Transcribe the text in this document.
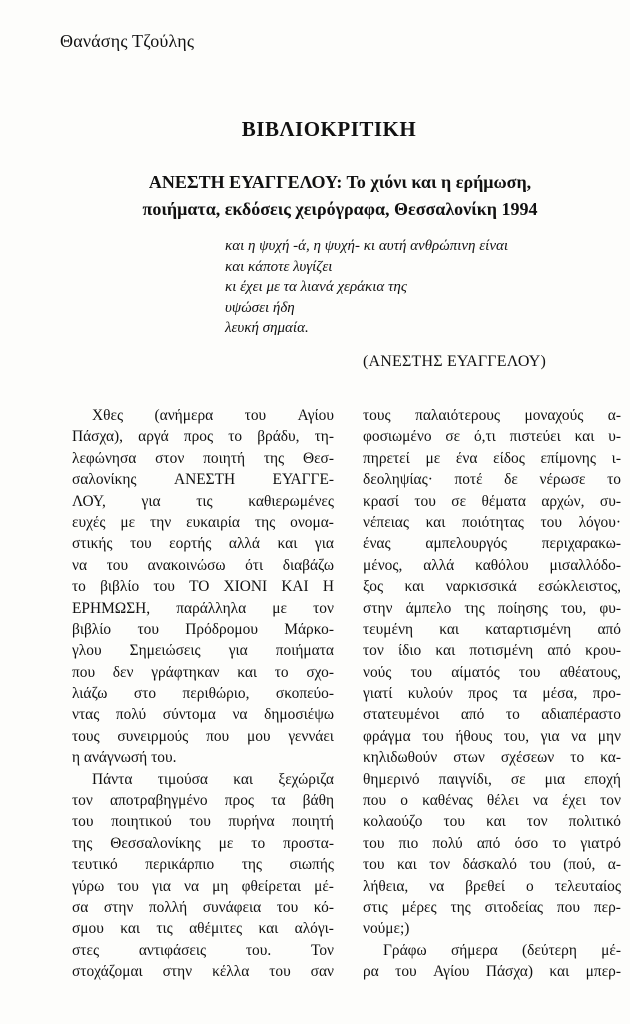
Θανάσης Τζούλης
ΒΙΒΛΙΟΚΡΙΤΙΚΗ
ΑΝΕΣΤΗ ΕΥΑΓΓΕΛΟΥ: Το χιόνι και η ερήμωση,
ποιήματα, εκδόσεις χειρόγραφα, Θεσσαλονίκη 1994
και η ψυχή -ά, η ψυχή- κι αυτή ανθρώπινη είναι
και κάποτε λυγίζει
κι έχει με τα λιανά χεράκια της
υψώσει ήδη
λευκή σημαία.
(ΑΝΕΣΤΗΣ ΕΥΑΓΓΕΛΟΥ)
Χθες (ανήμερα του Αγίου
Πάσχα), αργά προς το βράδυ, τη-
λεφώνησα στον ποιητή της Θεσ-
σαλονίκης ΑΝΕΣΤΗ ΕΥΑΓΓΕ-
ΛΟΥ, για τις καθιερωμένες
ευχές με την ευκαιρία της ονομα-
στικής του εορτής αλλά και για
να του ανακοινώσω ότι διαβάζω
το βιβλίο του ΤΟ ΧΙΟΝΙ ΚΑΙ Η
ΕΡΗΜΩΣΗ, παράλληλα με τον
βιβλίο του Πρόδρομου Μάρκο-
γλου Σημειώσεις για ποιήματα
που δεν γράφτηκαν και το σχο-
λιάζω στο περιθώριο, σκοπεύο-
ντας πολύ σύντομα να δημοσιέψω
τους συνειρμούς που μου γεννάει
η ανάγνωσή του.
Πάντα τιμούσα και ξεχώριζα
τον αποτραβηγμένο προς τα βάθη
του ποιητικού του πυρήνα ποιητή
της Θεσσαλονίκης με το προστα-
τευτικό περικάρπιο της σιωπής
γύρω του για να μη φθείρεται μέ-
σα στην πολλή συνάφεια του κό-
σμου και τις αθέμιτες και αλόγι-
στες	αντιφάσεις	του.	Τον
στοχάζομαι στην κέλλα του σαν
τους παλαιότερους μοναχούς α-
φοσιωμένο σε ό,τι πιστεύει και υ-
πηρετεί με ένα είδος επίμονης ι-
δεοληψίας· ποτέ δε νέρωσε το
κρασί του σε θέματα αρχών, συ-
νέπειας και ποιότητας του λόγου·
ένας αμπελουργός περιχαρακω-
μένος, αλλά καθόλου μισαλλόδο-
ξος και ναρκισσικά εσώκλειστος,
στην άμπελο της ποίησης του, φυ-
τευμένη και καταρτισμένη από
τον ίδιο και ποτισμένη από κρου-
νούς του αίματός του αθέατους,
γιατί κυλούν προς τα μέσα, προ-
στατευμένοι από το αδιαπέραστο
φράγμα του ήθους του, για να μην
κηλιδωθούν στων σχέσεων το κα-
θημερινό παιγνίδι, σε μια εποχή
που ο καθένας θέλει να έχει τον
κολαούζο του και τον πολιτικό
του πιο πολύ από όσο το γιατρό
του και τον δάσκαλό του (πού, α-
λήθεια, να βρεθεί ο τελευταίος
στις μέρες της σιτοδείας που περ-
νούμε;)
Γράφω σήμερα (δεύτερη μέ-
ρα του Αγίου Πάσχα) και μπερ-
